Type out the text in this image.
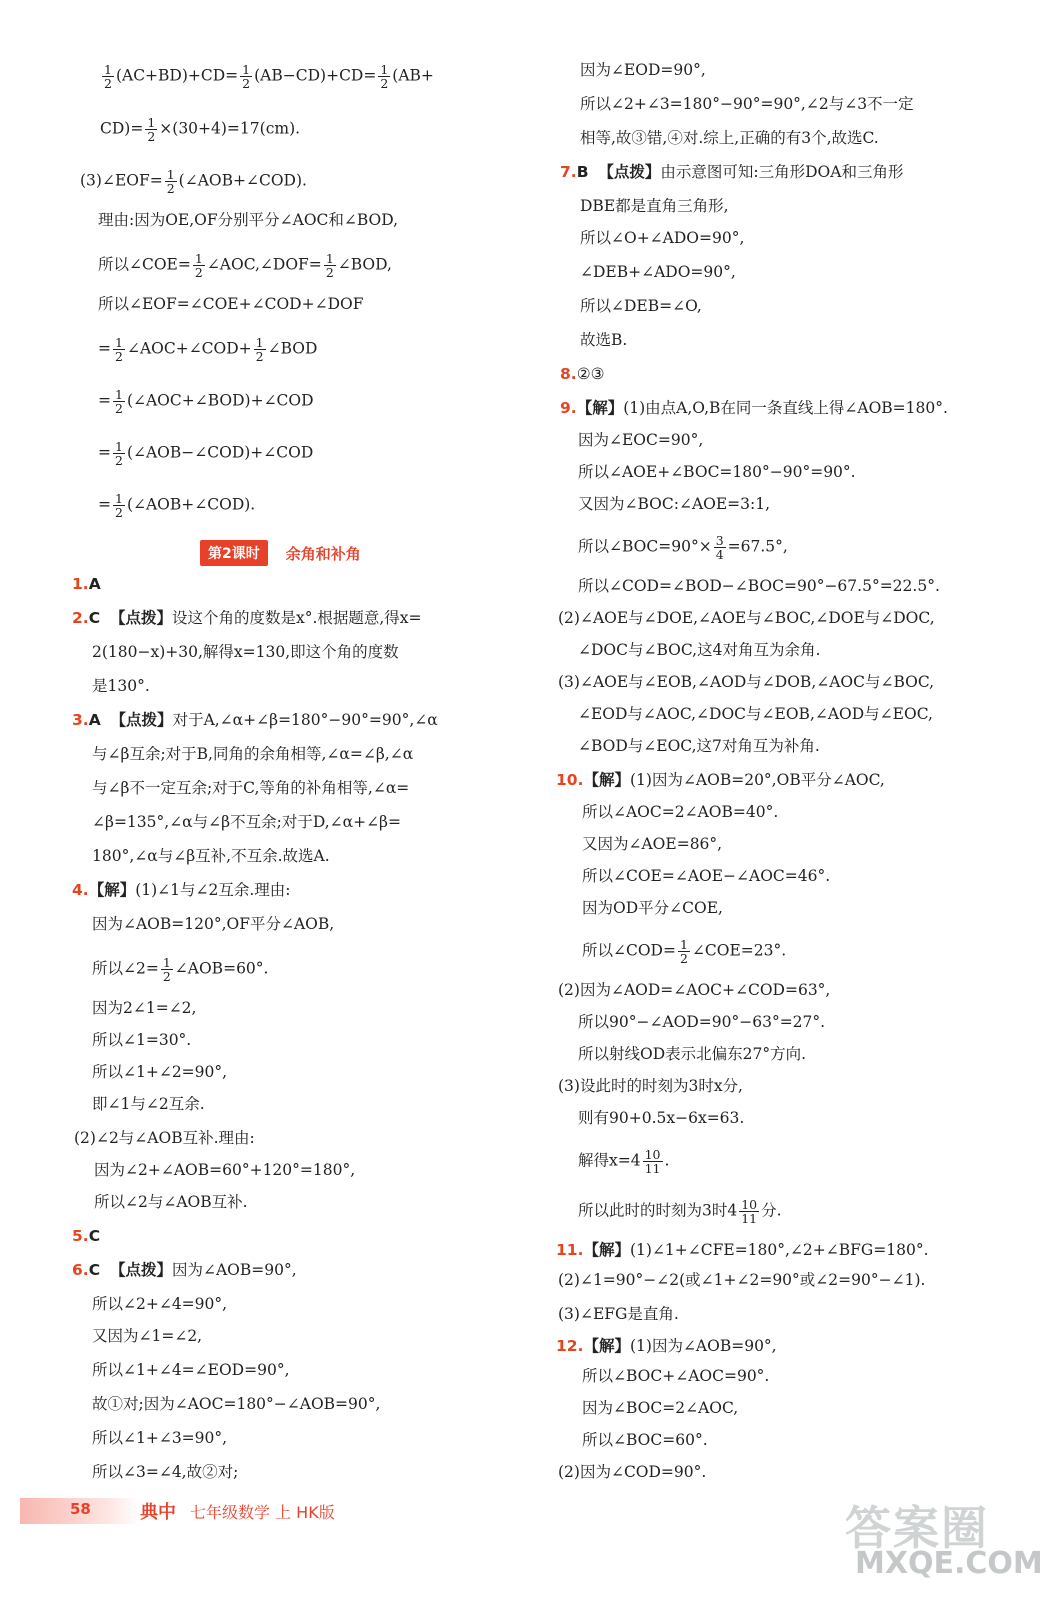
$\frac{1}{2} (AC+BD)+CD= \frac{1}{2} (AB-CD)+CD= \frac{1}{2} (AB+$
$CD)= \frac{1}{2} \times(30+4)=17(cm)$.
(3)∠EOF= $\frac{1}{2}$ (∠AOB+∠COD).
理由:因为OE,OF分别平分∠AOC和∠BOD,
所以∠COE= $\frac{1}{2}$ ∠AOC,∠DOF= $\frac{1}{2}$ ∠BOD,
所以∠EOF=∠COE+∠COD+∠DOF
= $\frac{1}{2}$ ∠AOC+∠COD+ $\frac{1}{2}$ ∠BOD
= $\frac{1}{2}$ (∠AOC+∠BOD)+∠COD
= $\frac{1}{2}$ (∠AOB−∠COD)+∠COD
= $\frac{1}{2}$ (∠AOB+∠COD).
第2课时	余角和补角
1.A
2.C 【点拨】设这个角的度数是x°.根据题意,得x=
2(180−x)+30,解得x=130,即这个角的度数
是130°.
3.A 【点拨】对于A,∠α+∠β=180°−90°=90°,∠α
与∠β互余;对于B,同角的余角相等,∠α=∠β,∠α
与∠β不一定互余;对于C,等角的补角相等,∠α=
∠β=135°,∠α与∠β不互余;对于D,∠α+∠β=
180°,∠α与∠β互补,不互余.故选A.
4.【解】(1)∠1与∠2互余.理由:
因为∠AOB=120°,OF平分∠AOB,
所以∠2= $\frac{1}{2}$ ∠AOB=60°.
因为2∠1=∠2,
所以∠1=30°.
所以∠1+∠2=90°,
即∠1与∠2互余.
(2)∠2与∠AOB互补.理由:
因为∠2+∠AOB=60°+120°=180°,
所以∠2与∠AOB互补.
5.C
6.C 【点拨】因为∠AOB=90°,
所以∠2+∠4=90°,
又因为∠1=∠2,
所以∠1+∠4=∠EOD=90°,
故①对;因为∠AOC=180°−∠AOB=90°,
所以∠1+∠3=90°,
所以∠3=∠4,故②对;
因为∠EOD=90°,
所以∠2+∠3=180°−90°=90°,∠2与∠3不一定
相等,故③错,④对.综上,正确的有3个,故选C.
7.B 【点拨】由示意图可知:三角形DOA和三角形
DBE都是直角三角形,
所以∠O+∠ADO=90°,
∠DEB+∠ADO=90°,
所以∠DEB=∠O,
故选B.
8.②③
9.【解】(1)由点A,O,B在同一条直线上得∠AOB=180°.
因为∠EOC=90°,
所以∠AOE+∠BOC=180°−90°=90°.
又因为∠BOC:∠AOE=3:1,
所以∠BOC=90°× $\frac{3}{4} =67.5^\circ$,
所以∠COD=∠BOD−∠BOC=90°−67.5°=22.5°.
(2)∠AOE与∠DOE,∠AOE与∠BOC,∠DOE与∠DOC,
∠DOC与∠BOC,这4对角互为余角.
(3)∠AOE与∠EOB,∠AOD与∠DOB,∠AOC与∠BOC,
∠EOD与∠AOC,∠DOC与∠EOB,∠AOD与∠EOC,
∠BOD与∠EOC,这7对角互为补角.
10.【解】(1)因为∠AOB=20°,OB平分∠AOC,
所以∠AOC=2∠AOB=40°.
又因为∠AOE=86°,
所以∠COE=∠AOE−∠AOC=46°.
因为OD平分∠COE,
所以∠COD= $\frac{1}{2}$ ∠COE=23°.
(2)因为∠AOD=∠AOC+∠COD=63°,
所以90°−∠AOD=90°−63°=27°.
所以射线OD表示北偏东27°方向.
(3)设此时的时刻为3时x分,
则有90+0.5x−6x=63.
解得$x=4 \frac{10}{11}$ .
所以此时的时刻为3时$4 \frac{10}{11}$ 分.
11.【解】(1)∠1+∠CFE=180°,∠2+∠BFG=180°.
(2)∠1=90°−∠2(或∠1+∠2=90°或∠2=90°−∠1).
(3)∠EFG是直角.
12.【解】(1)因为∠AOB=90°,
所以∠BOC+∠AOC=90°.
因为∠BOC=2∠AOC,
所以∠BOC=60°.
(2)因为∠COD=90°.
58	典中 七年级数学 上 HK版	答案圈
MXQE.COM
